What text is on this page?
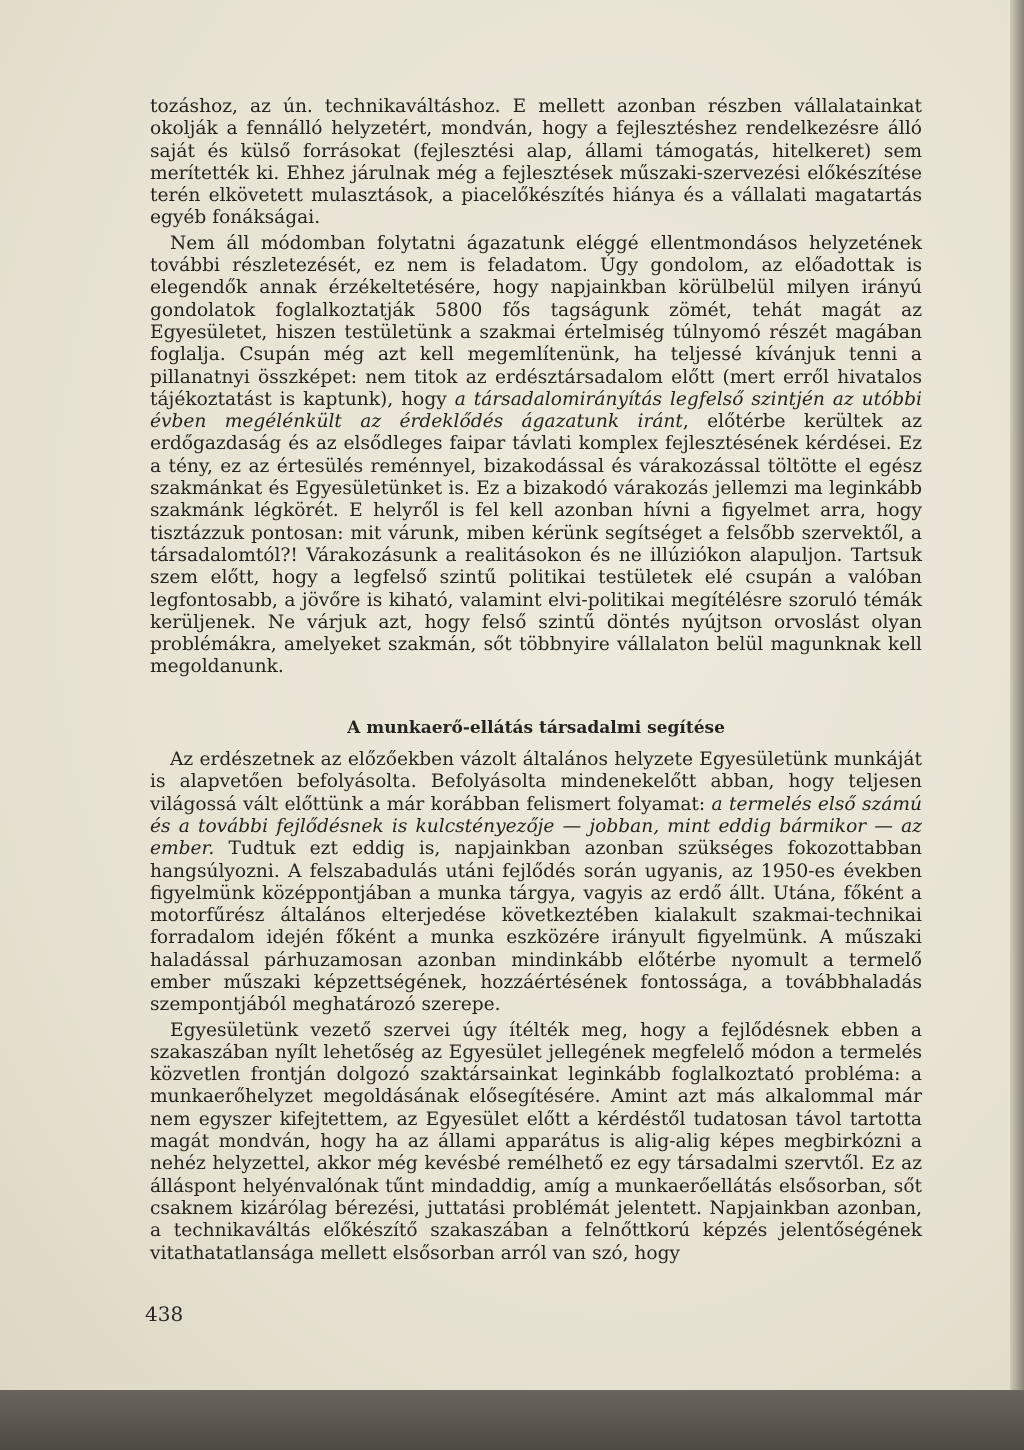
tozáshoz, az ún. technikaváltáshoz. E mellett azonban részben vállalatainkat okolják a fennálló helyzetért, mondván, hogy a fejlesztéshez rendelkezésre álló saját és külső forrásokat (fejlesztési alap, állami támogatás, hitelkeret) sem merítették ki. Ehhez járulnak még a fejlesztések műszaki-szervezési előkészítése terén elkövetett mulasztások, a piacelőkészítés hiánya és a vállalati magatartás egyéb fonákságai.

Nem áll módomban folytatni ágazatunk eléggé ellentmondásos helyzetének további részletezését, ez nem is feladatom. Úgy gondolom, az előadottak is elegendők annak érzékeltetésére, hogy napjainkban körülbelül milyen irányú gondolatok foglalkoztatják 5800 fős tagságunk zömét, tehát magát az Egyesületet, hiszen testületünk a szakmai értelmiség túlnyomó részét magában foglalja. Csupán még azt kell megemlítenünk, ha teljessé kívánjuk tenni a pillanatnyi összképet: nem titok az erdésztársadalom előtt (mert erről hivatalos tájékoztatást is kaptunk), hogy a társadalomirányítás legfelső szintjén az utóbbi évben megélénkült az érdeklődés ágazatunk iránt, előtérbe kerültek az erdőgazdaság és az elsődleges faipar távlati komplex fejlesztésének kérdései. Ez a tény, ez az értesülés reménnyel, bizakodással és várakozással töltötte el egész szakmánkat és Egyesületünket is. Ez a bizakodó várakozás jellemzi ma leginkább szakmánk légkörét. E helyről is fel kell azonban hívni a figyelmet arra, hogy tisztázzuk pontosan: mit várunk, miben kérünk segítséget a felsőbb szervektől, a társadalomtól?! Várakozásunk a realitásokon és ne illúziókon alapuljon. Tartsuk szem előtt, hogy a legfelső szintű politikai testületek elé csupán a valóban legfontosabb, a jövőre is kiható, valamint elvi-politikai megítélésre szoruló témák kerüljenek. Ne várjuk azt, hogy felső szintű döntés nyújtson orvoslást olyan problémákra, amelyeket szakmán, sőt többnyire vállalaton belül magunknak kell megoldanunk.

A munkaerő-ellátás társadalmi segítése

Az erdészetnek az előzőekben vázolt általános helyzete Egyesületünk munkáját is alapvetően befolyásolta. Befolyásolta mindenekelőtt abban, hogy teljesen világossá vált előttünk a már korábban felismert folyamat: a termelés első számú és a további fejlődésnek is kulcstényezője — jobban, mint eddig bármikor — az ember. Tudtuk ezt eddig is, napjainkban azonban szükséges fokozottabban hangsúlyozni. A felszabadulás utáni fejlődés során ugyanis, az 1950-es években figyelmünk középpontjában a munka tárgya, vagyis az erdő állt. Utána, főként a motorfűrész általános elterjedése következtében kialakult szakmai-technikai forradalom idején főként a munka eszközére irányult figyelmünk. A műszaki haladással párhuzamosan azonban mindinkább előtérbe nyomult a termelő ember műszaki képzettségének, hozzáértésének fontossága, a továbbhaladás szempontjából meghatározó szerepe.

Egyesületünk vezető szervei úgy ítélték meg, hogy a fejlődésnek ebben a szakaszában nyílt lehetőség az Egyesület jellegének megfelelő módon a termelés közvetlen frontján dolgozó szaktársainkat leginkább foglalkoztató probléma: a munkaerőhelyzet megoldásának elősegítésére. Amint azt más alkalommal már nem egyszer kifejtettem, az Egyesület előtt a kérdéstől tudatosan távol tartotta magát mondván, hogy ha az állami apparátus is alig-alig képes megbirkózni a nehéz helyzettel, akkor még kevésbé remélhető ez egy társadalmi szervtől. Ez az álláspont helyénvalónak tűnt mindaddig, amíg a munkaerőellátás elsősorban, sőt csaknem kizárólag bérezési, juttatási problémát jelentett. Napjainkban azonban, a technikaváltás előkészítő szakaszában a felnőttkorú képzés jelentőségének vitathatatlansága mellett elsősorban arról van szó, hogy

438
